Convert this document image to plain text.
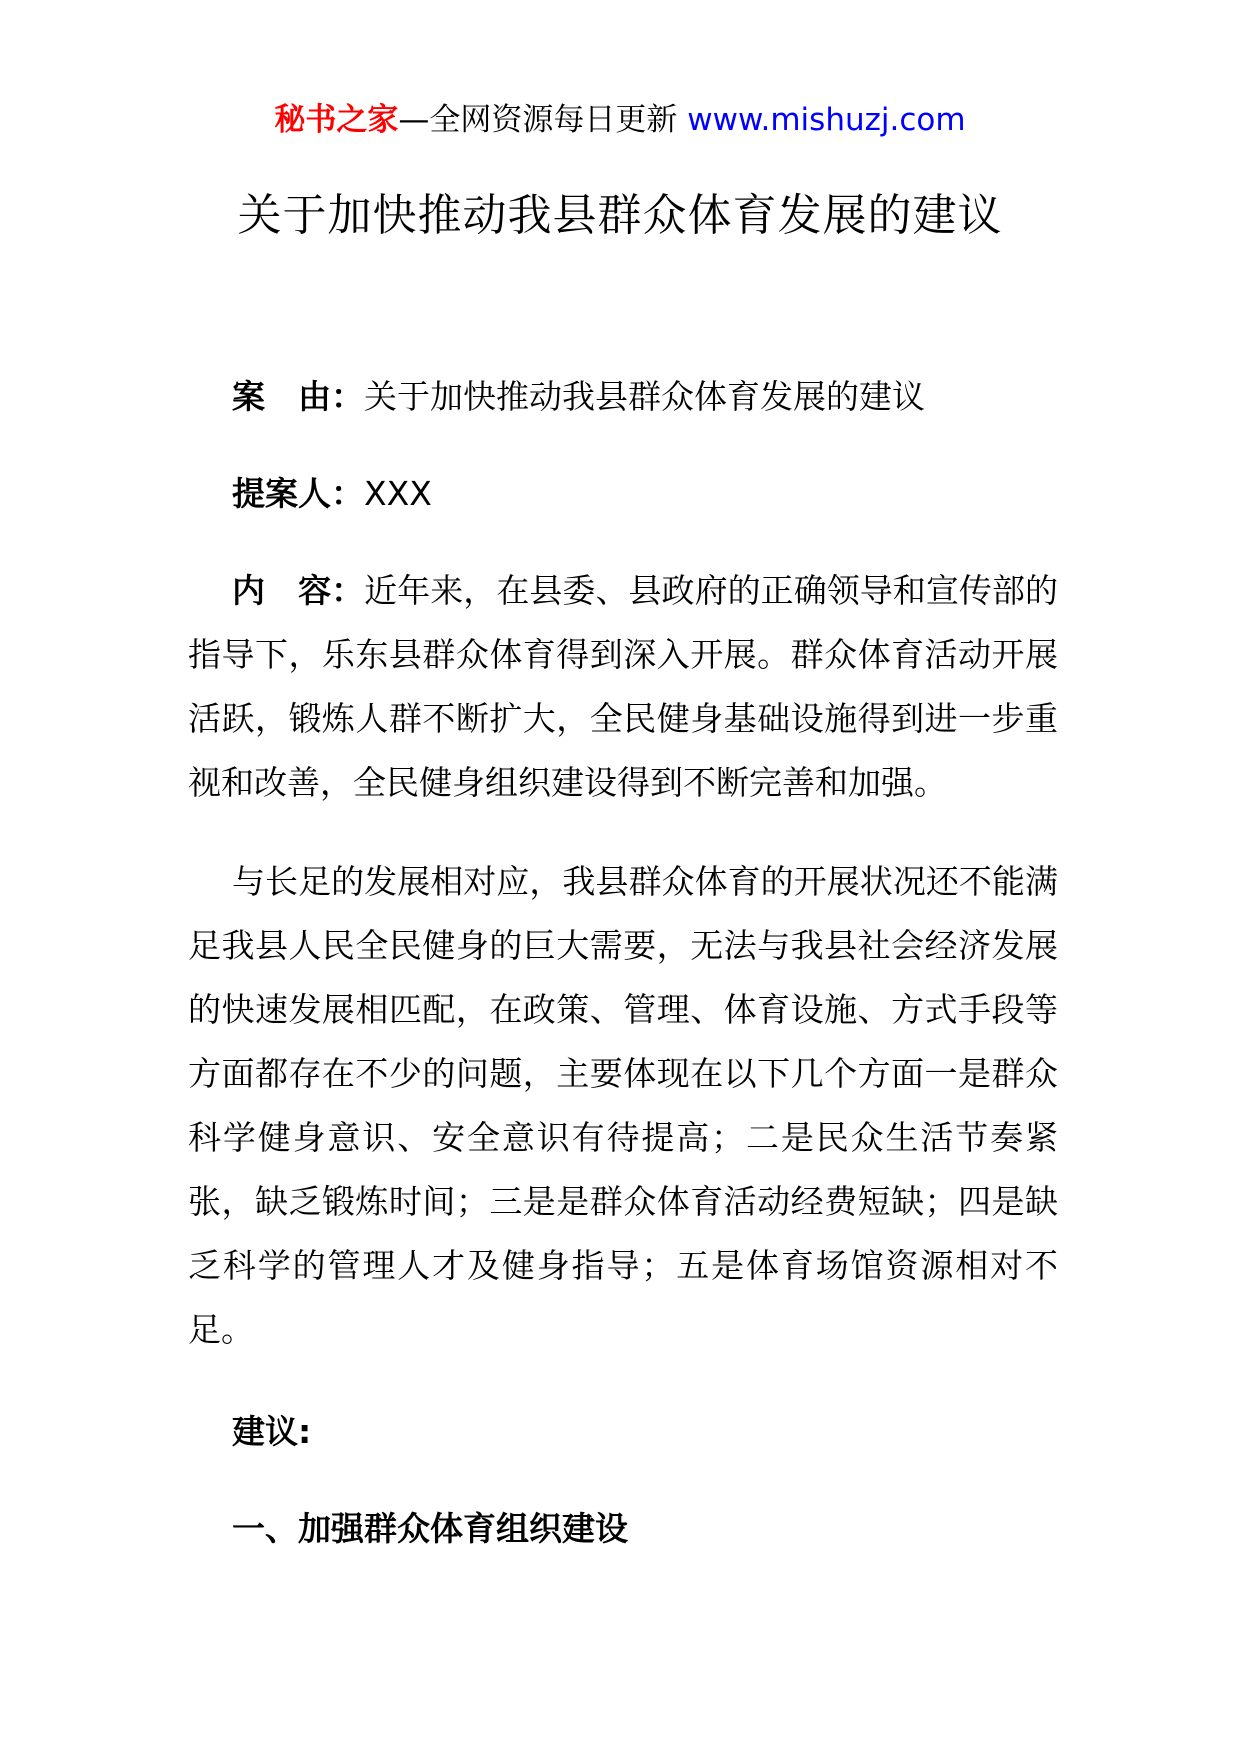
秘书之家—全网资源每日更新 www.mishuzj.com
关于加快推动我县群众体育发展的建议
案　由：关于加快推动我县群众体育发展的建议
提案人：XXX
内　容：近年来，在县委、县政府的正确领导和宣传部的指导下，乐东县群众体育得到深入开展。群众体育活动开展活跃，锻炼人群不断扩大，全民健身基础设施得到进一步重视和改善，全民健身组织建设得到不断完善和加强。
与长足的发展相对应，我县群众体育的开展状况还不能满足我县人民全民健身的巨大需要，无法与我县社会经济发展的快速发展相匹配，在政策、管理、体育设施、方式手段等方面都存在不少的问题，主要体现在以下几个方面一是群众科学健身意识、安全意识有待提高；二是民众生活节奏紧张，缺乏锻炼时间；三是是群众体育活动经费短缺；四是缺乏科学的管理人才及健身指导；五是体育场馆资源相对不足。
建议:
一、加强群众体育组织建设
